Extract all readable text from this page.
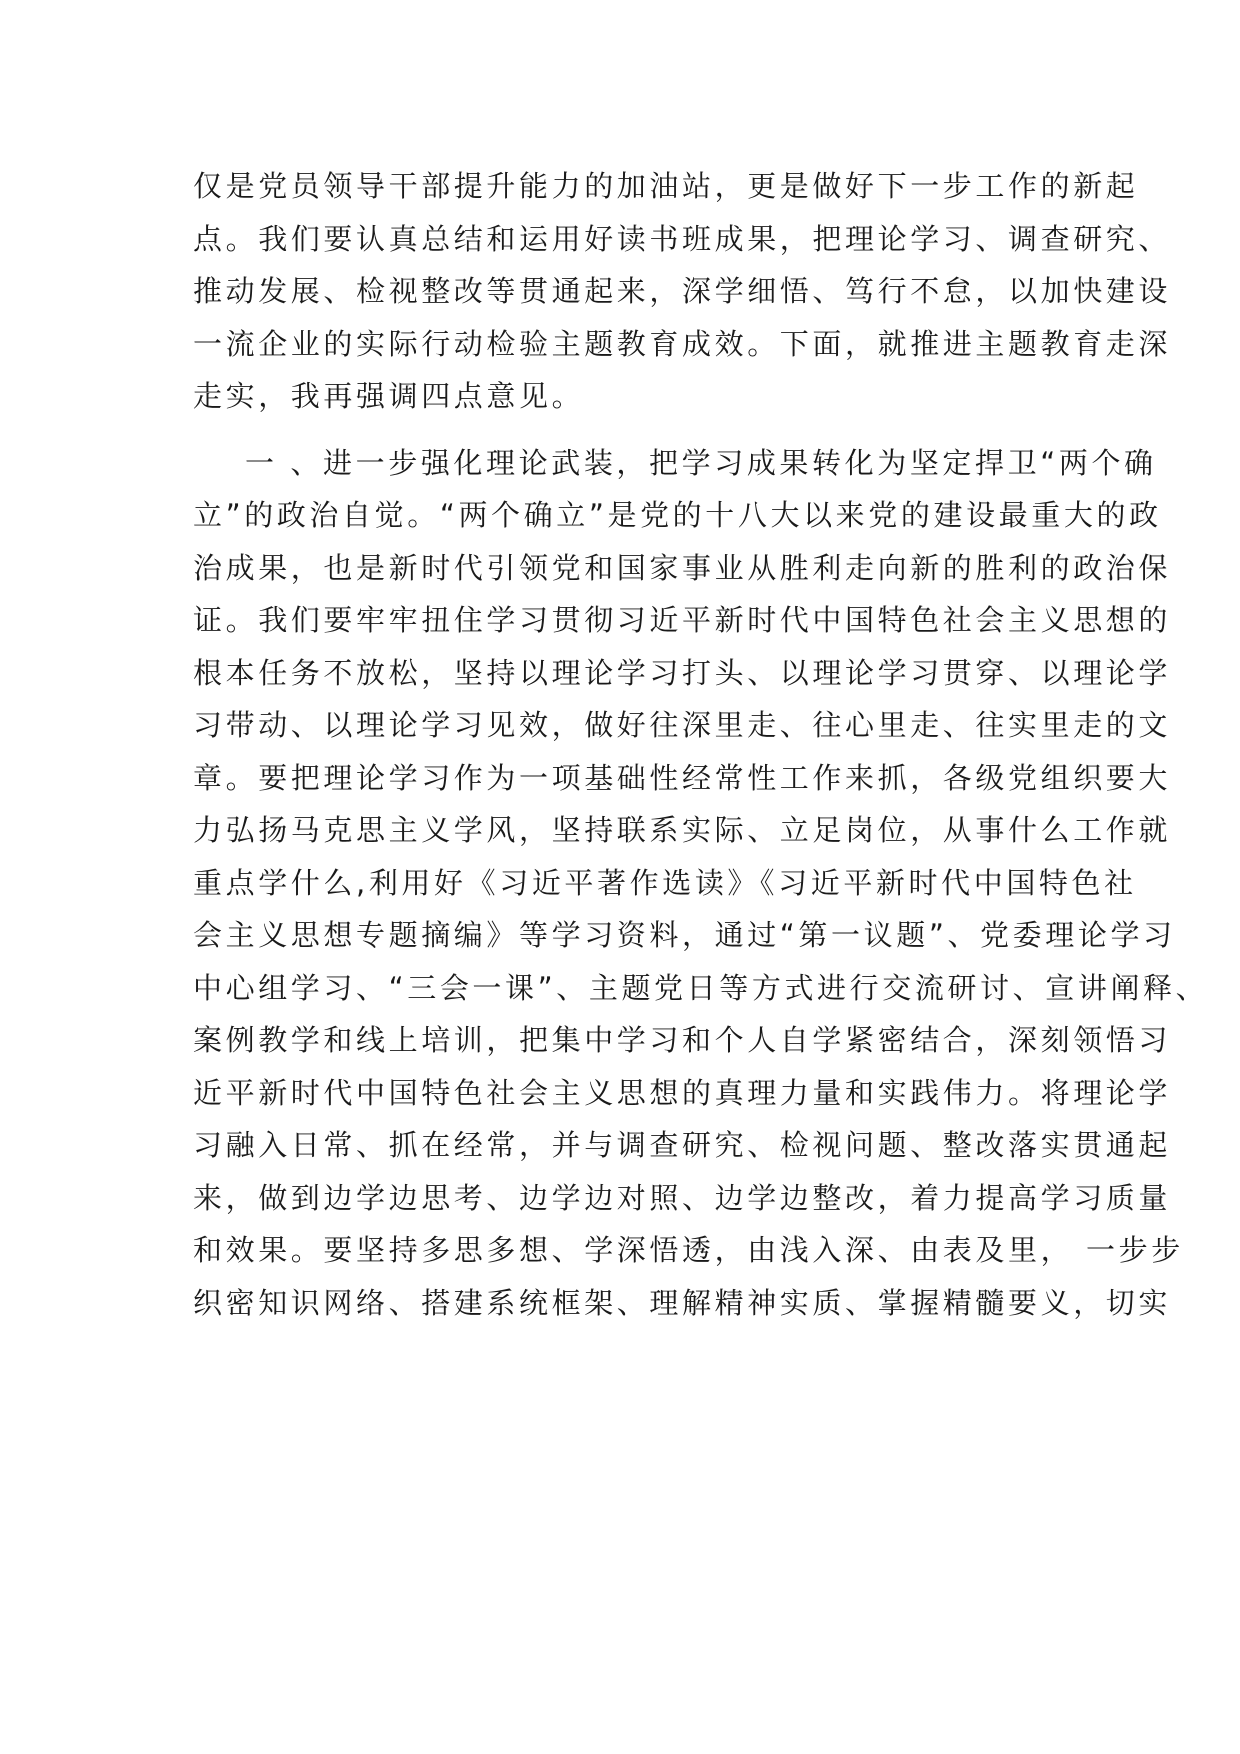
仅是党员领导干部提升能力的加油站，更是做好下一步工作的新起
点。我们要认真总结和运用好读书班成果，把理论学习、调查研究、
推动发展、检视整改等贯通起来，深学细悟、笃行不怠，以加快建设
一流企业的实际行动检验主题教育成效。下面，就推进主题教育走深
走实，我再强调四点意见。
一 、进一步强化理论武装，把学习成果转化为坚定捍卫“两个确
立”的政治自觉。“两个确立”是党的十八大以来党的建设最重大的政
治成果，也是新时代引领党和国家事业从胜利走向新的胜利的政治保
证。我们要牢牢扭住学习贯彻习近平新时代中国特色社会主义思想的
根本任务不放松，坚持以理论学习打头、以理论学习贯穿、以理论学
习带动、以理论学习见效，做好往深里走、往心里走、往实里走的文
章。要把理论学习作为一项基础性经常性工作来抓，各级党组织要大
力弘扬马克思主义学风，坚持联系实际、立足岗位，从事什么工作就
重点学什么,利用好《习近平著作选读》《习近平新时代中国特色社
会主义思想专题摘编》等学习资料，通过“第一议题”、党委理论学习
中心组学习、“三会一课”、主题党日等方式进行交流研讨、宣讲阐释、
案例教学和线上培训，把集中学习和个人自学紧密结合，深刻领悟习
近平新时代中国特色社会主义思想的真理力量和实践伟力。将理论学
习融入日常、抓在经常，并与调查研究、检视问题、整改落实贯通起
来，做到边学边思考、边学边对照、边学边整改，着力提高学习质量
和效果。要坚持多思多想、学深悟透，由浅入深、由表及里， 一步步
织密知识网络、搭建系统框架、理解精神实质、掌握精髓要义，切实
